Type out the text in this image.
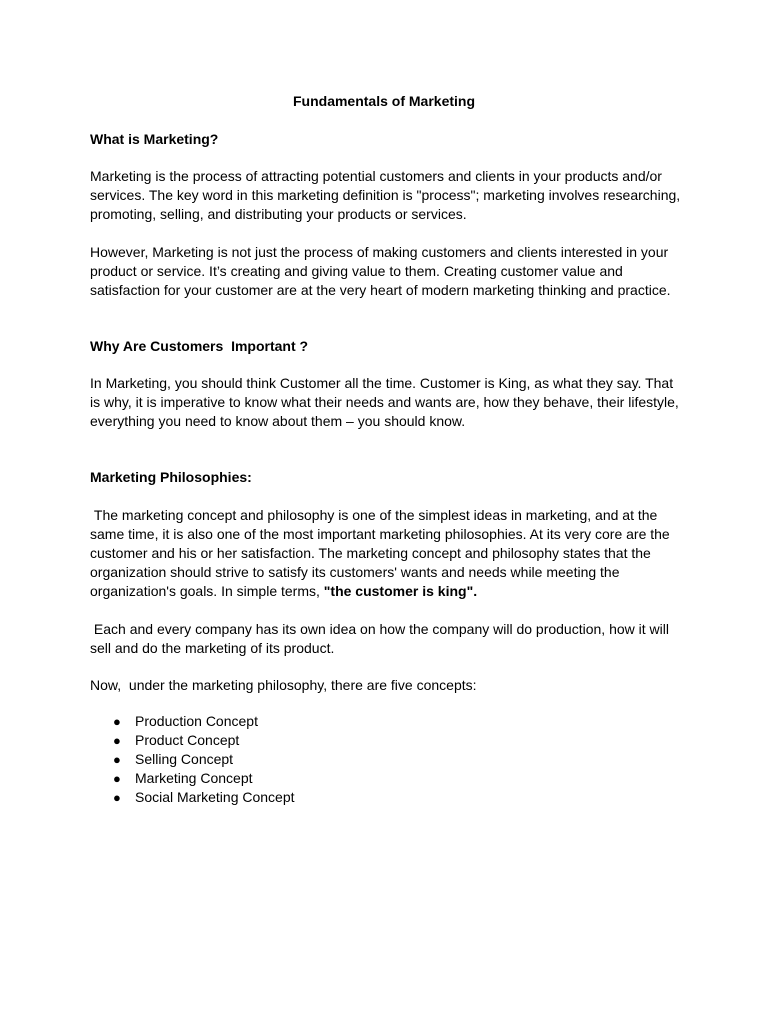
Fundamentals of Marketing

What is Marketing?

Marketing is the process of attracting potential customers and clients in your products and/or services. The key word in this marketing definition is "process"; marketing involves researching, promoting, selling, and distributing your products or services.

However, Marketing is not just the process of making customers and clients interested in your product or service. It’s creating and giving value to them. Creating customer value and satisfaction for your customer are at the very heart of modern marketing thinking and practice.

Why Are Customers  Important ?

In Marketing, you should think Customer all the time. Customer is King, as what they say. That is why, it is imperative to know what their needs and wants are, how they behave, their lifestyle, everything you need to know about them – you should know.

Marketing Philosophies:

The marketing concept and philosophy is one of the simplest ideas in marketing, and at the same time, it is also one of the most important marketing philosophies. At its very core are the customer and his or her satisfaction. The marketing concept and philosophy states that the organization should strive to satisfy its customers' wants and needs while meeting the organization's goals. In simple terms, "the customer is king".

Each and every company has its own idea on how the company will do production, how it will sell and do the marketing of its product.

Now,  under the marketing philosophy, there are five concepts:

● Production Concept
● Product Concept
● Selling Concept
● Marketing Concept
● Social Marketing Concept
